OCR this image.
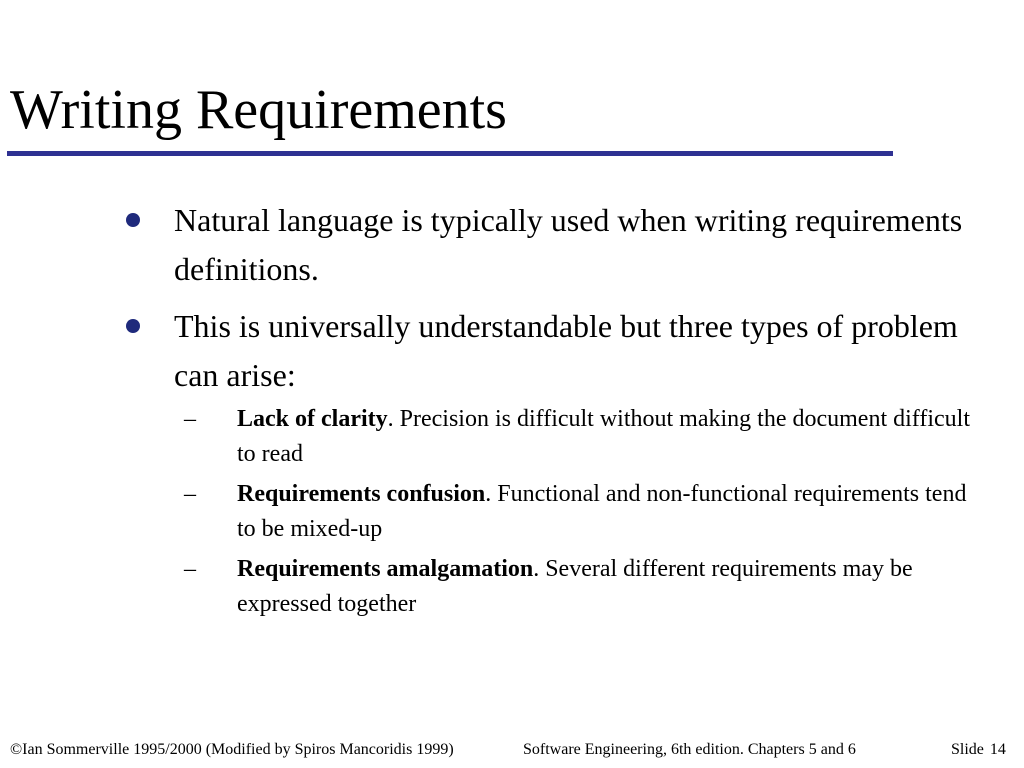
Writing Requirements
Natural language is typically used when writing requirements definitions.
This is universally understandable but three types of problem can arise:
– Lack of clarity. Precision is difficult without making the document difficult to read
– Requirements confusion. Functional and non-functional requirements tend to be mixed-up
– Requirements amalgamation. Several different requirements may be expressed together
©Ian Sommerville 1995/2000 (Modified by Spiros Mancoridis 1999)	Software Engineering, 6th edition. Chapters 5 and 6	Slide 14
